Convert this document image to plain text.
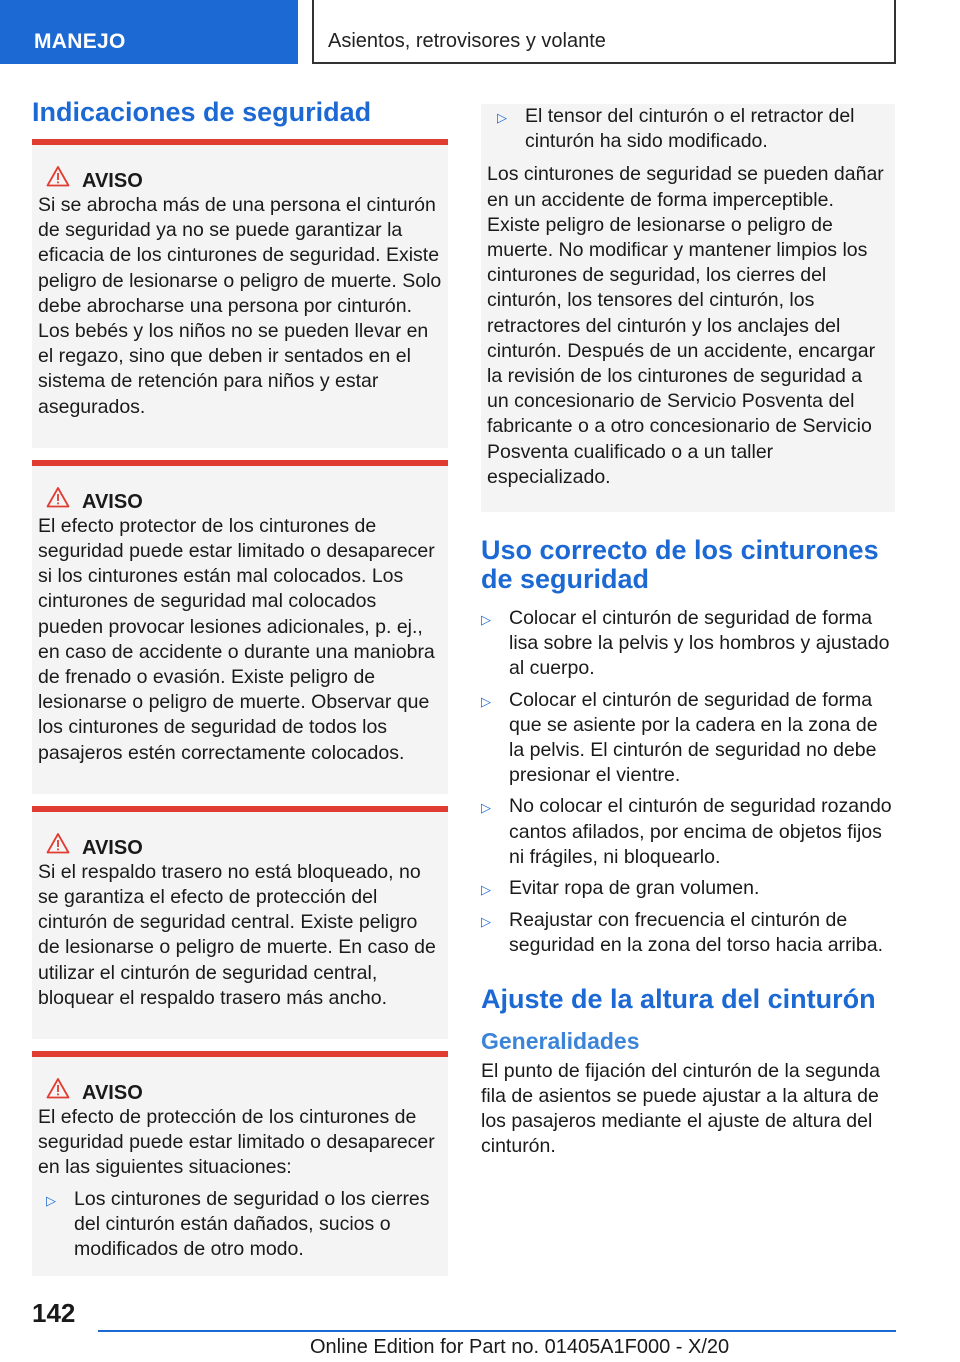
MANEJO	Asientos, retrovisores y volante
Indicaciones de seguridad
AVISO

Si se abrocha más de una persona el cinturón de seguridad ya no se puede garantizar la eficacia de los cinturones de seguridad. Existe peligro de lesionarse o peligro de muerte. Solo debe abrocharse una persona por cinturón. Los bebés y los niños no se pueden llevar en el regazo, sino que deben ir sentados en el sistema de retención para niños y estar asegurados.

AVISO

El efecto protector de los cinturones de seguridad puede estar limitado o desaparecer si los cinturones están mal colocados. Los cinturones de seguridad mal colocados pueden provocar lesiones adicionales, p. ej., en caso de accidente o durante una maniobra de frenado o evasión. Existe peligro de lesionarse o peligro de muerte. Observar que los cinturones de seguridad de todos los pasajeros estén correctamente colocados.

AVISO

Si el respaldo trasero no está bloqueado, no se garantiza el efecto de protección del cinturón de seguridad central. Existe peligro de lesionarse o peligro de muerte. En caso de utilizar el cinturón de seguridad central, bloquear el respaldo trasero más ancho.

AVISO

El efecto de protección de los cinturones de seguridad puede estar limitado o desaparecer en las siguientes situaciones:

▷ Los cinturones de seguridad o los cierres del cinturón están dañados, sucios o modificados de otro modo.
▷ El tensor del cinturón o el retractor del cinturón ha sido modificado.

Los cinturones de seguridad se pueden dañar en un accidente de forma imperceptible. Existe peligro de lesionarse o peligro de muerte. No modificar y mantener limpios los cinturones de seguridad, los cierres del cinturón, los tensores del cinturón, los retractores del cinturón y los anclajes del cinturón. Después de un accidente, encargar la revisión de los cinturones de seguridad a un concesionario de Servicio Posventa del fabricante o a otro concesionario de Servicio Posventa cualificado o a un taller especializado.

Uso correcto de los cinturones de seguridad
▷ Colocar el cinturón de seguridad de forma lisa sobre la pelvis y los hombros y ajustado al cuerpo.
▷ Colocar el cinturón de seguridad de forma que se asiente por la cadera en la zona de la pelvis. El cinturón de seguridad no debe presionar el vientre.
▷ No colocar el cinturón de seguridad rozando cantos afilados, por encima de objetos fijos ni frágiles, ni bloquearlo.
▷ Evitar ropa de gran volumen.
▷ Reajustar con frecuencia el cinturón de seguridad en la zona del torso hacia arriba.
Ajuste de la altura del cinturón
Generalidades

El punto de fijación del cinturón de la segunda fila de asientos se puede ajustar a la altura de los pasajeros mediante el ajuste de altura del cinturón.

142
Online Edition for Part no. 01405A1F000 - X/20
